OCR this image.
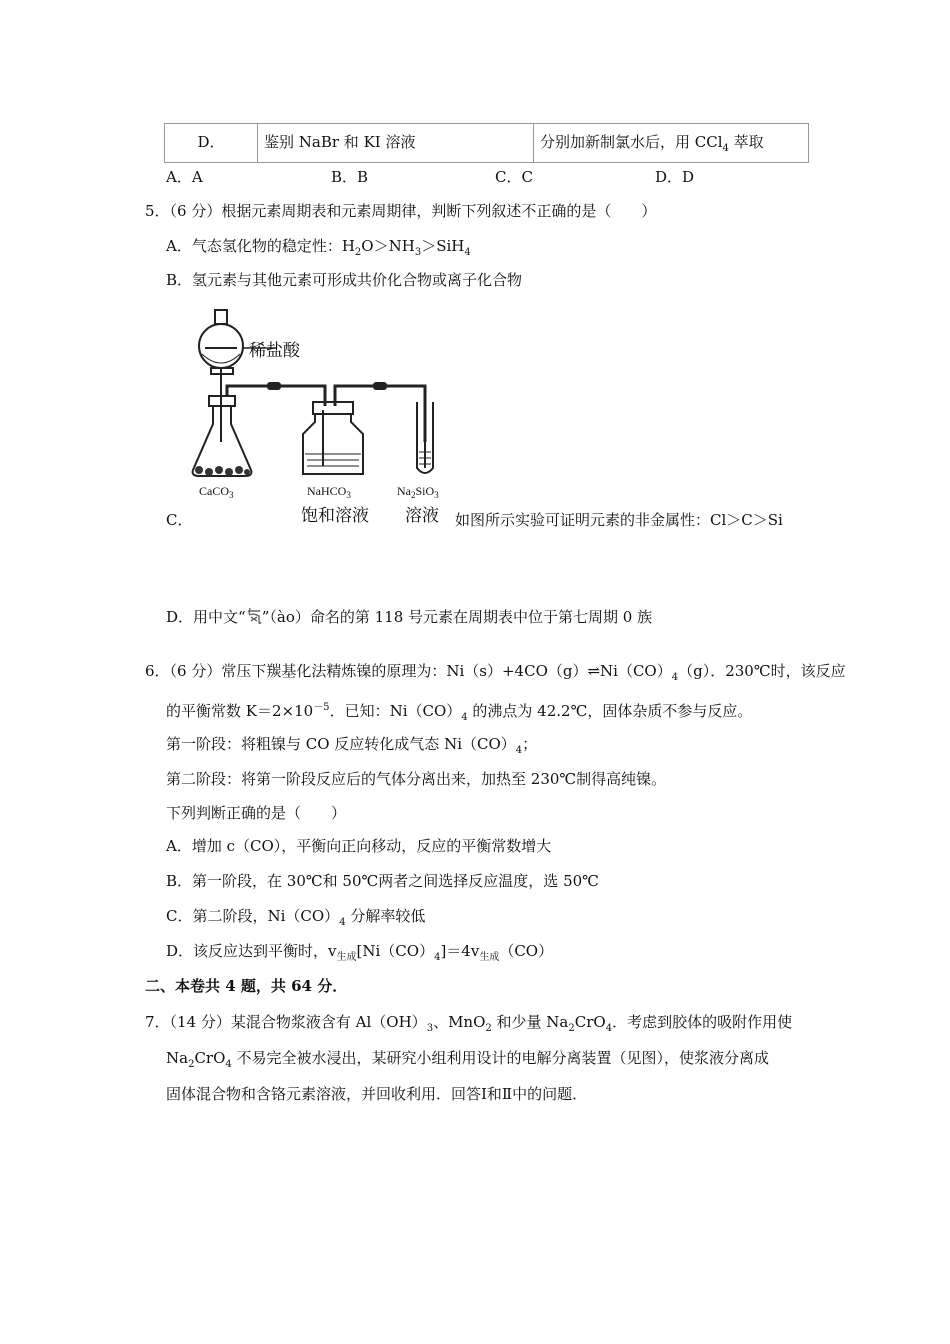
D．	鉴别 NaBr 和 KI 溶液	分别加新制氯水后，用 CCl$_4$ 萃取
A．A	B．B	C．C	D．D
5．（6 分）根据元素周期表和元素周期律，判断下列叙述不正确的是（　　）
A．气态氢化物的稳定性：$H_2O>NH_3>SiH_4$
B．氢元素与其他元素可形成共价化合物或离子化合物
稀盐酸
CaCO$_3$	NaHCO$_3$	$Na_2SiO_3$
饱和溶液 溶液
C．	如图所示实验可证明元素的非金属性：Cl＞C＞Si
D．用中文“ ”（ào）命名的第 118 号元素在周期表中位于第七周期 0 族
6．（6 分）常压下羰基化法精炼镍的原理为：$Ni(s)+4CO(g)\rightleftharpoons Ni(CO)_4(g)$．230℃时，该反应
的平衡常数 $K=2\times 10^{-5}$．已知：$Ni(CO)_4$ 的沸点为 42.2℃，固体杂质不参与反应。
第一阶段：将粗镍与 CO 反应转化成气态 $Ni(CO)_4$；
第二阶段：将第一阶段反应后的气体分离出来，加热至 230℃制得高纯镍。
下列判断正确的是（　　）
A．增加 c（CO），平衡向正向移动，反应的平衡常数增大
B．第一阶段，在 30℃和 50℃两者之间选择反应温度，选 50℃
C．第二阶段，$Ni(CO)_4$ 分解率较低
D．该反应达到平衡时，$v_{生成}[Ni(CO)_4]=4v_{生成}(CO)$
二、本卷共 4 题，共 64 分．
7．（14 分）某混合物浆液含有 $Al(OH)_3$、MnO$_2$ 和少量 $Na_2CrO_4$．考虑到胶体的吸附作用使
$Na_2CrO_4$ 不易完全被水浸出，某研究小组利用设计的电解分离装置（见图），使浆液分离成
固体混合物和含铬元素溶液，并回收利用．回答Ⅰ和Ⅱ中的问题．
